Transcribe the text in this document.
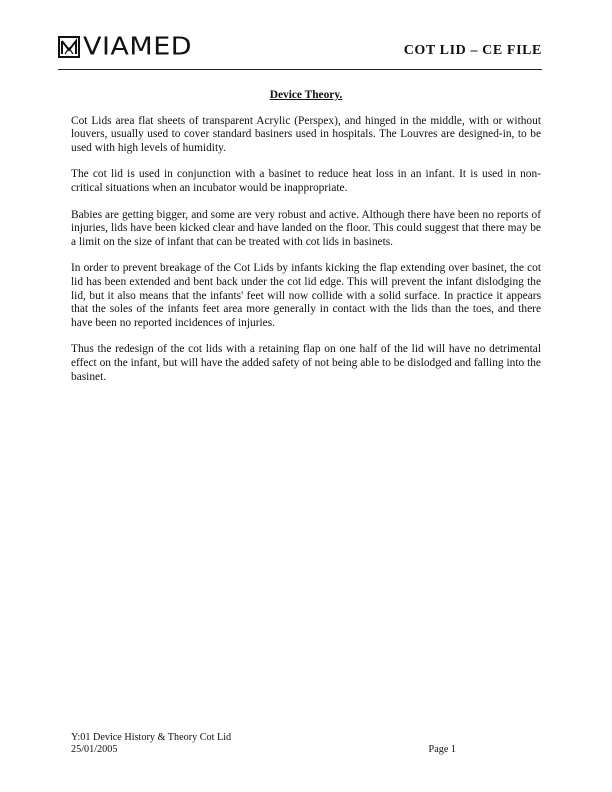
VIAMED	COT LID – CE FILE
Device Theory.

Cot Lids area flat sheets of transparent Acrylic (Perspex), and hinged in the middle, with or without louvers, usually used to cover standard basiners used in hospitals. The Louvres are designed-in, to be used with high levels of humidity.

The cot lid is used in conjunction with a basinet to reduce heat loss in an infant. It is used in non-critical situations when an incubator would be inappropriate.

Babies are getting bigger, and some are very robust and active. Although there have been no reports of injuries, lids have been kicked clear and have landed on the floor. This could suggest that there may be a limit on the size of infant that can be treated with cot lids in basinets.

In order to prevent breakage of the Cot Lids by infants kicking the flap extending over basinet, the cot lid has been extended and bent back under the cot lid edge. This will prevent the infant dislodging the lid, but it also means that the infants' feet will now collide with a solid surface. In practice it appears that the soles of the infants feet area more generally in contact with the lids than the toes, and there have been no reported incidences of injuries.

Thus the redesign of the cot lids with a retaining flap on one half of the lid will have no detrimental effect on the infant, but will have the added safety of not being able to be dislodged and falling into the basinet.

Y:01 Device History & Theory Cot Lid
25/01/2005	Page 1
